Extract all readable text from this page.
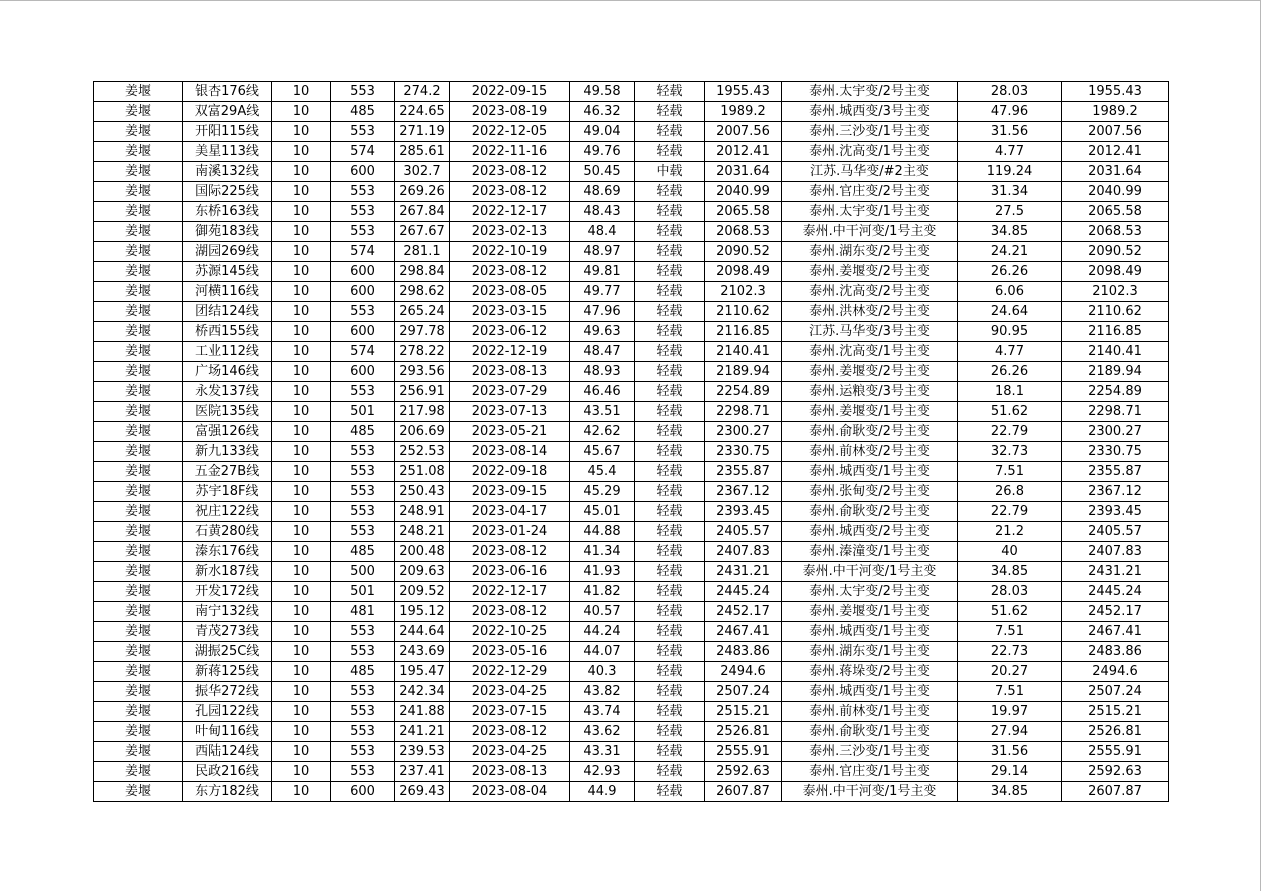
姜堰	银杏176线	10	553	274.2	2022-09-15	49.58	轻载	1955.43	泰州.太宇变/2号主变	28.03	1955.43
姜堰	双富29A线	10	485	224.65	2023-08-19	46.32	轻载	1989.2	泰州.城西变/3号主变	47.96	1989.2
姜堰	开阳115线	10	553	271.19	2022-12-05	49.04	轻载	2007.56	泰州.三沙变/1号主变	31.56	2007.56
姜堰	美星113线	10	574	285.61	2022-11-16	49.76	轻载	2012.41	泰州.沈高变/1号主变	4.77	2012.41
姜堰	南溪132线	10	600	302.7	2023-08-12	50.45	中载	2031.64	江苏.马华变/#2主变	119.24	2031.64
姜堰	国际225线	10	553	269.26	2023-08-12	48.69	轻载	2040.99	泰州.官庄变/2号主变	31.34	2040.99
姜堰	东桥163线	10	553	267.84	2022-12-17	48.43	轻载	2065.58	泰州.太宇变/1号主变	27.5	2065.58
姜堰	御苑183线	10	553	267.67	2023-02-13	48.4	轻载	2068.53	泰州.中干河变/1号主变	34.85	2068.53
姜堰	湖园269线	10	574	281.1	2022-10-19	48.97	轻载	2090.52	泰州.湖东变/2号主变	24.21	2090.52
姜堰	苏源145线	10	600	298.84	2023-08-12	49.81	轻载	2098.49	泰州.姜堰变/2号主变	26.26	2098.49
姜堰	河横116线	10	600	298.62	2023-08-05	49.77	轻载	2102.3	泰州.沈高变/2号主变	6.06	2102.3
姜堰	团结124线	10	553	265.24	2023-03-15	47.96	轻载	2110.62	泰州.洪林变/2号主变	24.64	2110.62
姜堰	桥西155线	10	600	297.78	2023-06-12	49.63	轻载	2116.85	江苏.马华变/3号主变	90.95	2116.85
姜堰	工业112线	10	574	278.22	2022-12-19	48.47	轻载	2140.41	泰州.沈高变/1号主变	4.77	2140.41
姜堰	广场146线	10	600	293.56	2023-08-13	48.93	轻载	2189.94	泰州.姜堰变/2号主变	26.26	2189.94
姜堰	永发137线	10	553	256.91	2023-07-29	46.46	轻载	2254.89	泰州.运粮变/3号主变	18.1	2254.89
姜堰	医院135线	10	501	217.98	2023-07-13	43.51	轻载	2298.71	泰州.姜堰变/1号主变	51.62	2298.71
姜堰	富强126线	10	485	206.69	2023-05-21	42.62	轻载	2300.27	泰州.俞耿变/2号主变	22.79	2300.27
姜堰	新九133线	10	553	252.53	2023-08-14	45.67	轻载	2330.75	泰州.前林变/2号主变	32.73	2330.75
姜堰	五金27B线	10	553	251.08	2022-09-18	45.4	轻载	2355.87	泰州.城西变/1号主变	7.51	2355.87
姜堰	苏宇18F线	10	553	250.43	2023-09-15	45.29	轻载	2367.12	泰州.张甸变/2号主变	26.8	2367.12
姜堰	祝庄122线	10	553	248.91	2023-04-17	45.01	轻载	2393.45	泰州.俞耿变/2号主变	22.79	2393.45
姜堰	石黄280线	10	553	248.21	2023-01-24	44.88	轻载	2405.57	泰州.城西变/2号主变	21.2	2405.57
姜堰	溱东176线	10	485	200.48	2023-08-12	41.34	轻载	2407.83	泰州.溱潼变/1号主变	40	2407.83
姜堰	新水187线	10	500	209.63	2023-06-16	41.93	轻载	2431.21	泰州.中干河变/1号主变	34.85	2431.21
姜堰	开发172线	10	501	209.52	2022-12-17	41.82	轻载	2445.24	泰州.太宇变/2号主变	28.03	2445.24
姜堰	南宁132线	10	481	195.12	2023-08-12	40.57	轻载	2452.17	泰州.姜堰变/1号主变	51.62	2452.17
姜堰	青茂273线	10	553	244.64	2022-10-25	44.24	轻载	2467.41	泰州.城西变/1号主变	7.51	2467.41
姜堰	湖振25C线	10	553	243.69	2023-05-16	44.07	轻载	2483.86	泰州.湖东变/1号主变	22.73	2483.86
姜堰	新蒋125线	10	485	195.47	2022-12-29	40.3	轻载	2494.6	泰州.蒋垛变/2号主变	20.27	2494.6
姜堰	振华272线	10	553	242.34	2023-04-25	43.82	轻载	2507.24	泰州.城西变/1号主变	7.51	2507.24
姜堰	孔园122线	10	553	241.88	2023-07-15	43.74	轻载	2515.21	泰州.前林变/1号主变	19.97	2515.21
姜堰	叶甸116线	10	553	241.21	2023-08-12	43.62	轻载	2526.81	泰州.俞耿变/1号主变	27.94	2526.81
姜堰	西陆124线	10	553	239.53	2023-04-25	43.31	轻载	2555.91	泰州.三沙变/1号主变	31.56	2555.91
姜堰	民政216线	10	553	237.41	2023-08-13	42.93	轻载	2592.63	泰州.官庄变/1号主变	29.14	2592.63
姜堰	东方182线	10	600	269.43	2023-08-04	44.9	轻载	2607.87	泰州.中干河变/1号主变	34.85	2607.87
